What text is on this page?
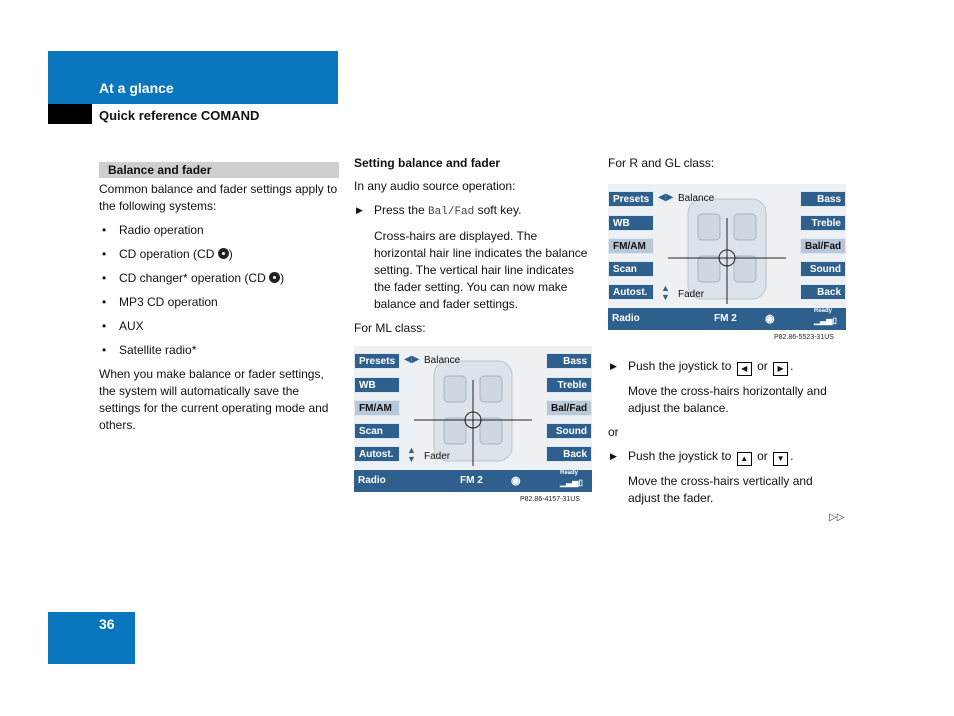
At a glance
Quick reference COMAND
Balance and fader

Common balance and fader settings apply to the following systems:

• Radio operation
• CD operation (CD )
• CD changer* operation (CD )
• MP3 CD operation
• AUX
• Satellite radio*

When you make balance or fader settings, the system will automatically save the settings for the current operating mode and others.

Setting balance and fader

In any audio source operation:

▶ Press the Bal/Fad soft key.

Cross-hairs are displayed. The horizontal hair line indicates the balance setting. The vertical hair line indicates the fader setting. You can now make balance and fader settings.

For ML class:

Presets
WB
FM/AM
Scan
Autost.
Bass
Treble
Bal/Fad
Sound
Back
◀▶ Balance
▲
▼ Fader
Radio	FM 2	◉
Ready
▁▃▅▯
P82.86-4157-31US

For R and GL class:

Presets
WB
FM/AM
Scan
Autost.
Bass
Treble
Bal/Fad
Sound
Back
◀▶ Balance
▲
▼ Fader
Radio	FM 2	◉
Ready
▁▃▅▯
P82.86-5523-31US
▶ Push the joystick to ◀ or ▶ .

Move the cross-hairs horizontally and adjust the balance.

or

▶ Push the joystick to ▲ or ▼ .

Move the cross-hairs vertically and adjust the fader.

▷▷
36
